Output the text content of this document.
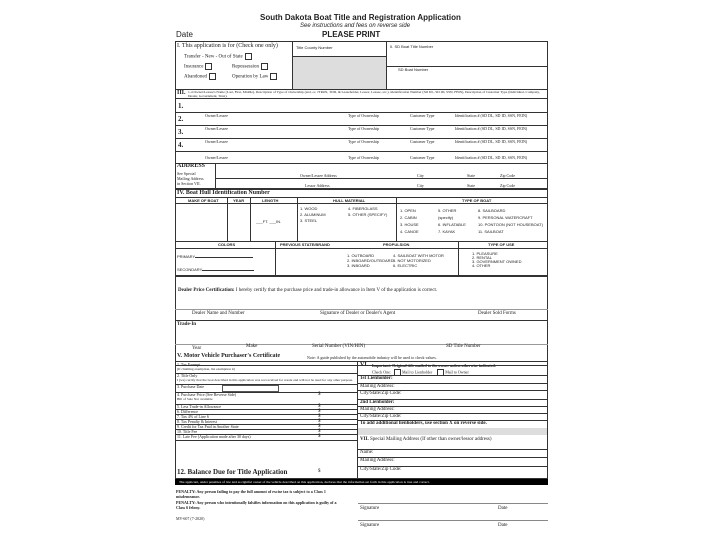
South Dakota Boat Title and Registration Application
See instructions and fees on reverse side
Date	PLEASE PRINT
I. This application is for (Check one only)
Transfer - New - Out of State
Insurance	Repossession
Abandoned	Operation by Law
Title County Number	II. SD Boat Title Number
SD Boat Number
III. 1-4 Owner/Lessee's Name (Last, First, Middle), Description of Type of Ownership (and, or, JTROS, TOD, & Leaseholder, Lessor, Lessee, etc.), Identification Number (SD DL, SD ID, SSN, FEIN), Description of Customer Type (Individual, Company, Dealer, Government, Trust).
1.
2.
3.
4.
Owner/Lessee	Type of Ownership	Customer Type	Identification # (SD DL, SD ID, SSN, FEIN)
Owner/Lessee	Type of Ownership	Customer Type	Identification # (SD DL, SD ID, SSN, FEIN)
Owner/Lessee	Type of Ownership	Customer Type	Identification # (SD DL, SD ID, SSN, FEIN)
Owner/Lessee	Type of Ownership	Customer Type	Identification # (SD DL, SD ID, SSN, FEIN)
ADDRESS
See Special
Mailing Address
in Section VII.
Owner/Lessee Address	City	State	Zip Code
Lessor Address	City	State	Zip Code
IV. Boat Hull Identification Number
MAKE OF BOAT	YEAR	LENGTH	HULL MATERIAL	TYPE OF BOAT
___FT. ___IN.
1. WOOD
2. ALUMINUM
3. STEEL
4. FIBERGLASS
5. OTHER (SPECIFY)
1. OPEN
2. CABIN
3. HOUSE
4. CANOE
5. OTHER
(specify)
6. INFLATABLE
7. KAYAK
8. SAILBOARD
9. PERSONAL WATERCRAFT
10. PONTOON (NOT HOUSEBOAT)
11. SAILBOAT
COLORS	PREVIOUS STATE/BRAND	PROPULSION	TYPE OF USE
PRIMARY
SECONDARY
1. OUTBOARD
2. INBOARD/OUTBOARD
3. INBOARD
4. SAILBOAT WITH MOTOR
5. NOT MOTORIZED
6. ELECTRIC
1. PLEASURE
2. RENTAL
3. GOVERNMENT OWNED
4. OTHER
Dealer Price Certification: I hereby certify that the purchase price and trade-in allowance in Item V of the application is correct.
Dealer Name and Number	Signature of Dealer or Dealer's Agent	Dealer Sold Forms
Trade-In
Year	Make	Serial Number (VIN/HIN)	SD Title Number
V. Motor Vehicle Purchaser's Certificate	Note: A guide published by the automobile industry will be used to check values.
1. Tax Exempt
(If claiming exemption, list exemption #)
2. Title Only
I (we) certify that the boat described in this application was not received for resale and will not be used for any other purpose.
3. Purchase Date
4. Purchase Price (See Reverse Side)
Bill of Sale Not available
$
5. Less Trade-in Allowance	$
6. Difference	$
7. Tax 4% of Line 6	$
8. Tax Penalty & Interest	$
9. Credit for Tax Paid in Another State	$
10. Title Fee	$
11. Late Fee (Application made after 30 days)	$
12. Balance Due for Title Application	$
VI. Important: Original title mailed to the owner unless otherwise indicated.
Check One:	Mail to Lienholder	Mail to Owner
1st Lienholder:
Mailing Address:
City/State/Zip Code:
2nd Lienholder:
Mailing Address:
City/State/Zip Code:
To add additional lienholders, use section X on reverse side.
Name:
Mailing Address:
City/State/Zip Code:
VII. Special Mailing Address (If other than owner/lessor address)
The applicant, under penalties of law and as rightful owner of the vehicle described on this application, declares that the information set forth in this application is true and correct.
PENALTY: Any person failing to pay the full amount of excise tax is subject to a Class 1 misdemeanor.
PENALTY: Any person who intentionally falsifies information on this application is guilty of a Class 6 felony.
MV-607 (7-2020)
Signature	Date
Signature	Date
